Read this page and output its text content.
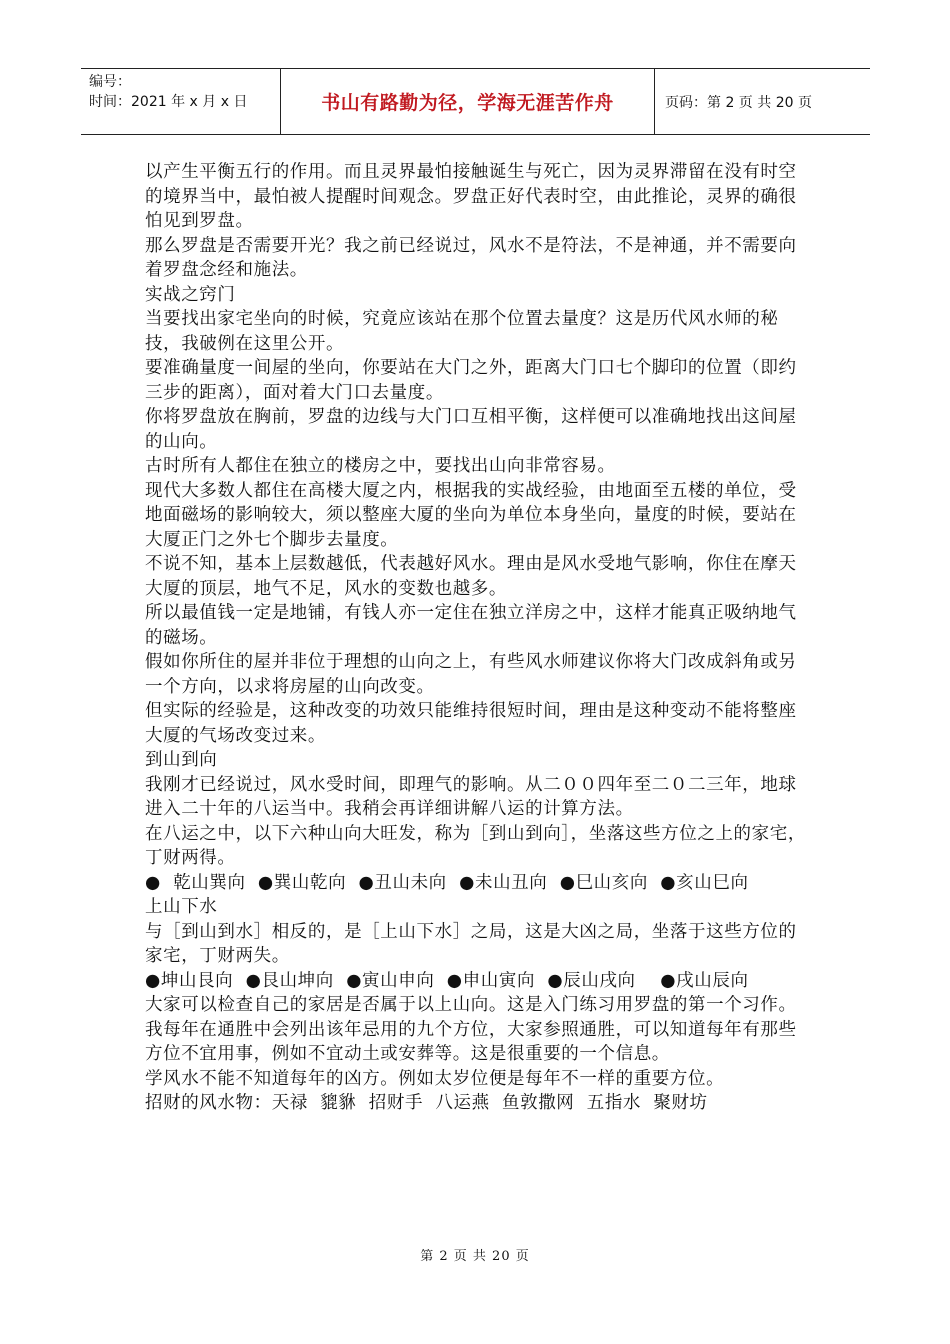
编号：
时间：2021 年 x 月 x 日	书山有路勤为径，学海无涯苦作舟	页码：第 2 页 共 20 页

以产生平衡五行的作用。而且灵界最怕接触诞生与死亡，因为灵界滞留在没有时空的境界当中，最怕被人提醒时间观念。罗盘正好代表时空，由此推论，灵界的确很怕见到罗盘。

那么罗盘是否需要开光？我之前已经说过，风水不是符法，不是神通，并不需要向着罗盘念经和施法。

实战之窍门

当要找出家宅坐向的时候，究竟应该站在那个位置去量度？这是历代风水师的秘技，我破例在这里公开。

要准确量度一间屋的坐向，你要站在大门之外，距离大门口七个脚印的位置（即约三步的距离），面对着大门口去量度。

你将罗盘放在胸前，罗盘的边线与大门口互相平衡，这样便可以准确地找出这间屋的山向。

古时所有人都住在独立的楼房之中，要找出山向非常容易。

现代大多数人都住在高楼大厦之内，根据我的实战经验，由地面至五楼的单位，受地面磁场的影响较大，须以整座大厦的坐向为单位本身坐向，量度的时候，要站在大厦正门之外七个脚步去量度。

不说不知，基本上层数越低，代表越好风水。理由是风水受地气影响，你住在摩天大厦的顶层，地气不足，风水的变数也越多。

所以最值钱一定是地铺，有钱人亦一定住在独立洋房之中，这样才能真正吸纳地气的磁场。

假如你所住的屋并非位于理想的山向之上，有些风水师建议你将大门改成斜角或另一个方向，以求将房屋的山向改变。

但实际的经验是，这种改变的功效只能维持很短时间，理由是这种变动不能将整座大厦的气场改变过来。

到山到向

我刚才已经说过，风水受时间，即理气的影响。从二００四年至二０二三年，地球进入二十年的八运当中。我稍会再详细讲解八运的计算方法。

在八运之中，以下六种山向大旺发，称为［到山到向］，坐落这些方位之上的家宅，丁财两得。

●  乾山巽向  ●巽山乾向  ●丑山未向  ●未山丑向  ●巳山亥向  ●亥山巳向

上山下水

与［到山到水］相反的，是［上山下水］之局，这是大凶之局，坐落于这些方位的家宅，丁财两失。

●坤山艮向  ●艮山坤向  ●寅山申向  ●申山寅向  ●辰山戌向    ●戌山辰向

大家可以检查自己的家居是否属于以上山向。这是入门练习用罗盘的第一个习作。

我每年在通胜中会列出该年忌用的九个方位，大家参照通胜，可以知道每年有那些方位不宜用事，例如不宜动土或安葬等。这是很重要的一个信息。

学风水不能不知道每年的凶方。例如太岁位便是每年不一样的重要方位。

招财的风水物：天禄  貔貅  招财手  八运燕  鱼敦撒网  五指水  聚财坊

第 2 页 共 20 页
